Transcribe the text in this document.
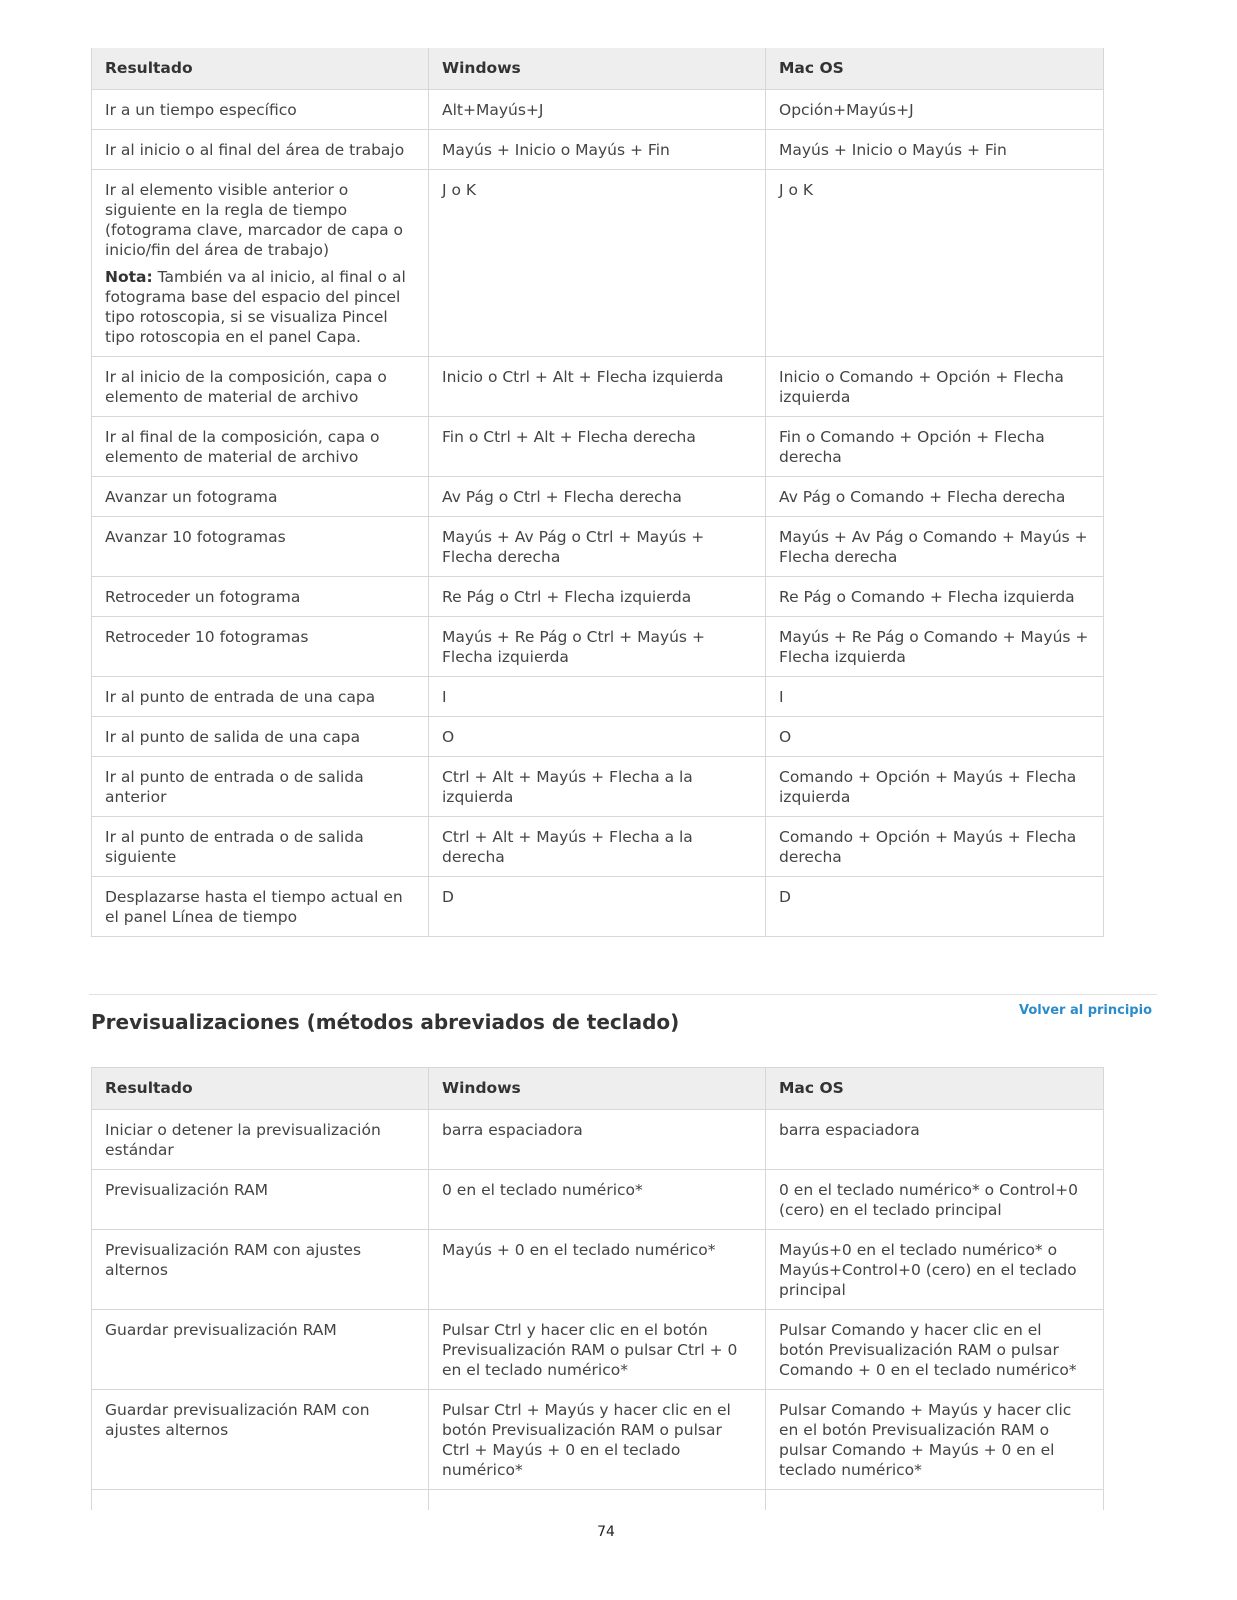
Resultado	Windows	Mac OS
Ir a un tiempo específico	Alt+Mayús+J	Opción+Mayús+J
Ir al inicio o al final del área de trabajo	Mayús + Inicio o Mayús + Fin	Mayús + Inicio o Mayús + Fin

Ir al elemento visible anterior o siguiente en la regla de tiempo (fotograma clave, marcador de capa o inicio/fin del área de trabajo)

Nota: También va al inicio, al final o al fotograma base del espacio del pincel tipo rotoscopia, si se visualiza Pincel tipo rotoscopia en el panel Capa.	J o K	J o K
Ir al inicio de la composición, capa o elemento de material de archivo	Inicio o Ctrl + Alt + Flecha izquierda	Inicio o Comando + Opción + Flecha izquierda
Ir al final de la composición, capa o elemento de material de archivo	Fin o Ctrl + Alt + Flecha derecha	Fin o Comando + Opción + Flecha derecha
Avanzar un fotograma	Av Pág o Ctrl + Flecha derecha	Av Pág o Comando + Flecha derecha
Avanzar 10 fotogramas	Mayús + Av Pág o Ctrl + Mayús + Flecha derecha	Mayús + Av Pág o Comando + Mayús + Flecha derecha
Retroceder un fotograma	Re Pág o Ctrl + Flecha izquierda	Re Pág o Comando + Flecha izquierda
Retroceder 10 fotogramas	Mayús + Re Pág o Ctrl + Mayús + Flecha izquierda	Mayús + Re Pág o Comando + Mayús + Flecha izquierda
Ir al punto de entrada de una capa	I	I
Ir al punto de salida de una capa	O	O
Ir al punto de entrada o de salida anterior	Ctrl + Alt + Mayús + Flecha a la izquierda	Comando + Opción + Mayús + Flecha izquierda
Ir al punto de entrada o de salida siguiente	Ctrl + Alt + Mayús + Flecha a la derecha	Comando + Opción + Mayús + Flecha derecha
Desplazarse hasta el tiempo actual en el panel Línea de tiempo	D	D
Previsualizaciones (métodos abreviados de teclado)	Volver al principio
Resultado	Windows	Mac OS
Iniciar o detener la previsualización estándar	barra espaciadora	barra espaciadora
Previsualización RAM	0 en el teclado numérico*	0 en el teclado numérico* o Control+0 (cero) en el teclado principal
Previsualización RAM con ajustes alternos	Mayús + 0 en el teclado numérico*	Mayús+0 en el teclado numérico* o Mayús+Control+0 (cero) en el teclado principal
Guardar previsualización RAM	Pulsar Ctrl y hacer clic en el botón Previsualización RAM o pulsar Ctrl + 0 en el teclado numérico*	Pulsar Comando y hacer clic en el botón Previsualización RAM o pulsar Comando + 0 en el teclado numérico*
Guardar previsualización RAM con ajustes alternos	Pulsar Ctrl + Mayús y hacer clic en el botón Previsualización RAM o pulsar Ctrl + Mayús + 0 en el teclado numérico*	Pulsar Comando + Mayús y hacer clic en el botón Previsualización RAM o pulsar Comando + Mayús + 0 en el teclado numérico*

74
